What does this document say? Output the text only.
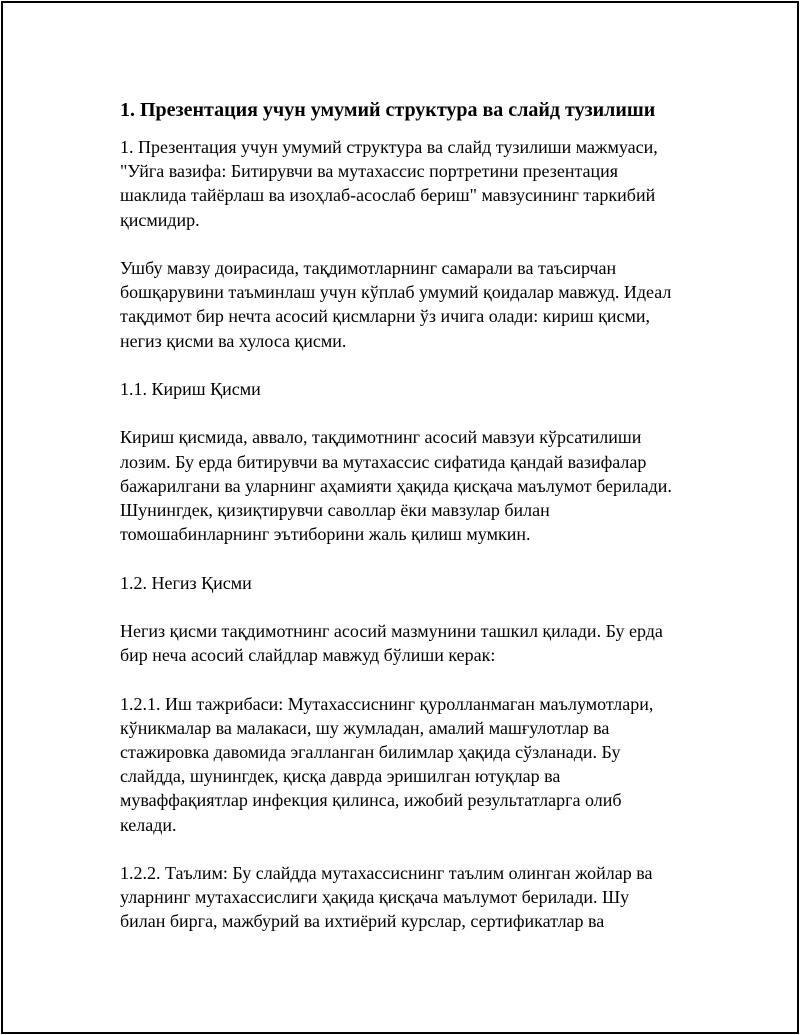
1. Презентация учун умумий структура ва слайд тузилиши

1. Презентация учун умумий структура ва слайд тузилиши мажмуаси,
"Уйга вазифа: Битирувчи ва мутахассис портретини презентация
шаклида тайёрлаш ва изоҳлаб-асослаб бериш" мавзусининг таркибий
қисмидир.

Ушбу мавзу доирасида, тақдимотларнинг самарали ва таъсирчан
бошқарувини таъминлаш учун кўплаб умумий қоидалар мавжуд. Идеал
тақдимот бир нечта асосий қисмларни ўз ичига олади: кириш қисми,
негиз қисми ва хулоса қисми.

1.1. Кириш Қисми

Кириш қисмида, аввало, тақдимотнинг асосий мавзуи кўрсатилиши
лозим. Бу ерда битирувчи ва мутахассис сифатида қандай вазифалар
бажарилгани ва уларнинг аҳамияти ҳақида қисқача маълумот берилади.
Шунингдек, қизиқтирувчи саволлар ёки мавзулар билан
томошабинларнинг эътиборини жаль қилиш мумкин.

1.2. Негиз Қисми

Негиз қисми тақдимотнинг асосий мазмунини ташкил қилади. Бу ерда
бир неча асосий слайдлар мавжуд бўлиши керак:

1.2.1. Иш тажрибаси: Мутахассиснинг қуролланмаган маълумотлари,
кўникмалар ва малакаси, шу жумладан, амалий машғулотлар ва
стажировка давомида эгалланган билимлар ҳақида сўзланади. Бу
слайдда, шунингдек, қисқа даврда эришилган ютуқлар ва
муваффақиятлар инфекция қилинса, ижобий результатларга олиб
келади.

1.2.2. Таълим: Бу слайдда мутахассиснинг таълим олинган жойлар ва
уларнинг мутахассислиги ҳақида қисқача маълумот берилади. Шу
билан бирга, мажбурий ва ихтиёрий курслар, сертификатлар ва
